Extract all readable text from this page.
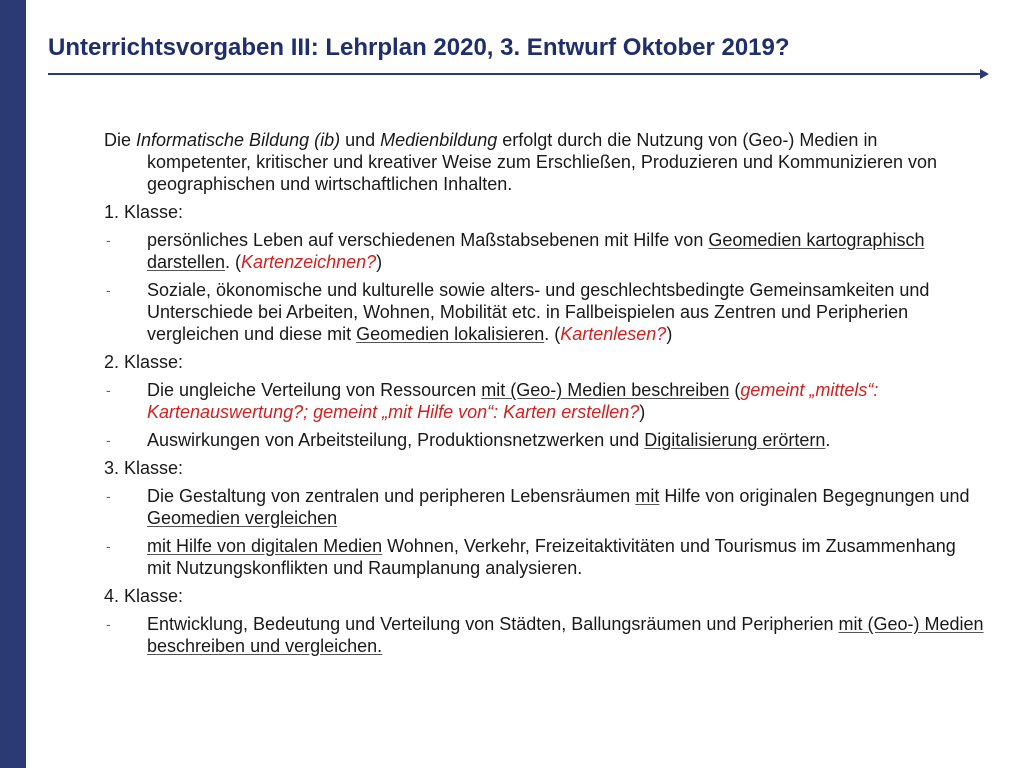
Unterrichtsvorgaben III: Lehrplan 2020, 3. Entwurf Oktober 2019?

Die Informatische Bildung (ib) und Medienbildung erfolgt durch die Nutzung von (Geo-) Medien in kompetenter, kritischer und kreativer Weise zum Erschließen, Produzieren und Kommunizieren von geographischen und wirtschaftlichen Inhalten.

1. Klasse:

- persönliches Leben auf verschiedenen Maßstabsebenen mit Hilfe von Geomedien kartographisch darstellen. (Kartenzeichnen?)
- Soziale, ökonomische und kulturelle sowie alters- und geschlechtsbedingte Gemeinsamkeiten und Unterschiede bei Arbeiten, Wohnen, Mobilität etc. in Fallbeispielen aus Zentren und Peripherien vergleichen und diese mit Geomedien lokalisieren. (Kartenlesen?)

2. Klasse:

- Die ungleiche Verteilung von Ressourcen mit (Geo-) Medien beschreiben (gemeint „mittels“: Kartenauswertung?; gemeint „mit Hilfe von“: Karten erstellen?)
- Auswirkungen von Arbeitsteilung, Produktionsnetzwerken und Digitalisierung erörtern.

3. Klasse:

- Die Gestaltung von zentralen und peripheren Lebensräumen mit Hilfe von originalen Begegnungen und Geomedien vergleichen
- mit Hilfe von digitalen Medien Wohnen, Verkehr, Freizeitaktivitäten und Tourismus im Zusammenhang mit Nutzungskonflikten und Raumplanung analysieren.

4. Klasse:

- Entwicklung, Bedeutung und Verteilung von Städten, Ballungsräumen und Peripherien mit (Geo-) Medien beschreiben und vergleichen.
